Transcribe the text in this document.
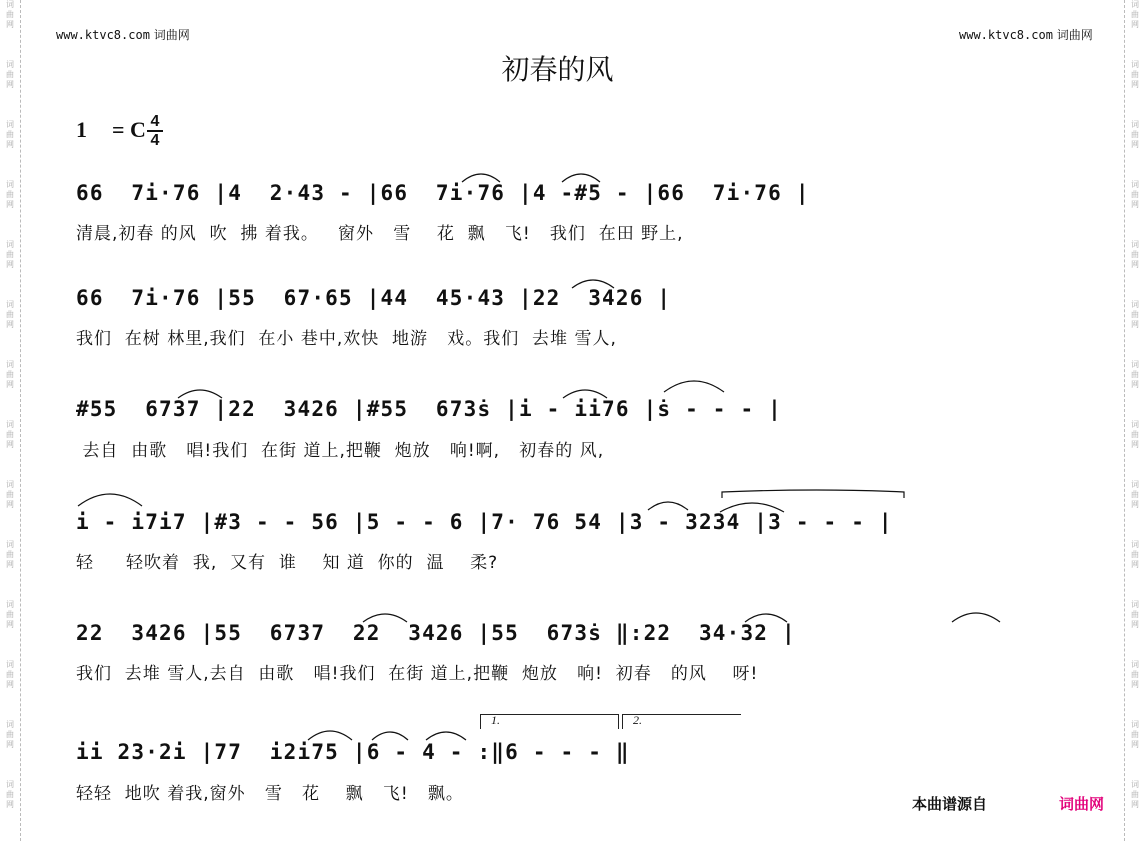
词
曲
网
词
曲
网
词
曲
网
词
曲
网
词
曲
网
词
曲
网
词
曲
网
词
曲
网
词
曲
网
词
曲
网
词
曲
网
词
曲
网
词
曲
网
词
曲
网
词
曲
网
词
曲
网
词
曲
网
词
曲
网
词
曲
网
词
曲
网
词
曲
网
词
曲
网
词
曲
网
词
曲
网
词
曲
网
词
曲
网
词
曲
网
词
曲
网
www.ktvc8.com 词曲网	www.ktvc8.com 词曲网
初春的风
1 = C 4
4
66  7i·76 |4  2·43 - |66  7i·76 |4 -#5 - |66  7i·76 |
清晨,初春 的风  吹  拂 着我。   窗外   雪    花  飘   飞!   我们  在田 野上,
66  7i·76 |55  67·65 |44  45·43 |22  3426 |
我们  在树 林里,我们  在小 巷中,欢快  地游   戏。我们  去堆 雪人,
#55  6737 |22  3426 |#55  673ṡ |i - ii76 |ṡ - - - |
去自  由歌   唱!我们  在街 道上,把鞭  炮放   响!啊,   初春的 风,
i - i7i7 |#3 - - 56 |5 - - 6 |7· 76 54 |3 - 3234 |3 - - - |
轻     轻吹着  我,  又有  谁    知 道  你的  温    柔?
22  3426 |55  6737  22  3426 |55  673ṡ ‖:22  34·32 |
我们  去堆 雪人,去自  由歌   唱!我们  在街 道上,把鞭  炮放   响!  初春   的风    呀!
ii 23·2i |77  i2i75 |6 - 4 - :‖6 - - - ‖
轻轻  地吹 着我,窗外   雪   花    飘   飞!   飘。
1.	2.
本曲谱源自	词曲网
